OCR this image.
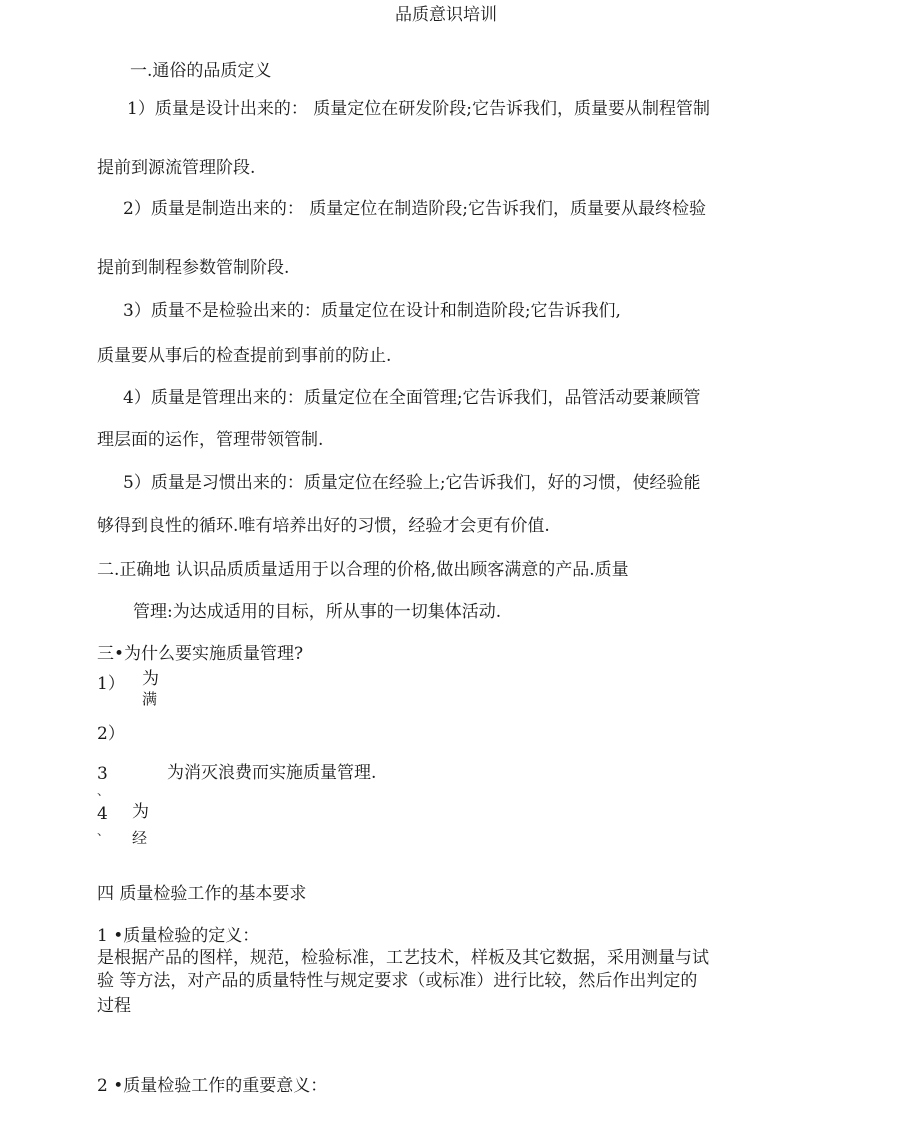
品质意识培训
一.通俗的品质定义
1）质量是设计出来的： 质量定位在研发阶段;它告诉我们，质量要从制程管制
提前到源流管理阶段.
2）质量是制造出来的： 质量定位在制造阶段;它告诉我们，质量要从最终检验
提前到制程参数管制阶段.
3）质量不是检验出来的：质量定位在设计和制造阶段;它告诉我们,
质量要从事后的检查提前到事前的防止.
4）质量是管理出来的：质量定位在全面管理;它告诉我们，品管活动要兼顾管
理层面的运作，管理带领管制.
5）质量是习惯出来的：质量定位在经验上;它告诉我们，好的习惯，使经验能
够得到良性的循环.唯有培养出好的习惯，经验才会更有价值.
二.正确地 认识品质质量适用于以合理的价格,做出顾客满意的产品.质量
管理:为达成适用的目标，所从事的一切集体活动.
三•为什么要实施质量管理?
1） 为
满
2）
3
、
为消灭浪费而实施质量管理.
4
、
为
经
四 质量检验工作的基本要求
1 •质量检验的定义：
是根据产品的图样，规范，检验标准，工艺技术，样板及其它数据，采用测量与试
验 等方法，对产品的质量特性与规定要求（或标准）进行比较，然后作出判定的
过程
2 •质量检验工作的重要意义：
